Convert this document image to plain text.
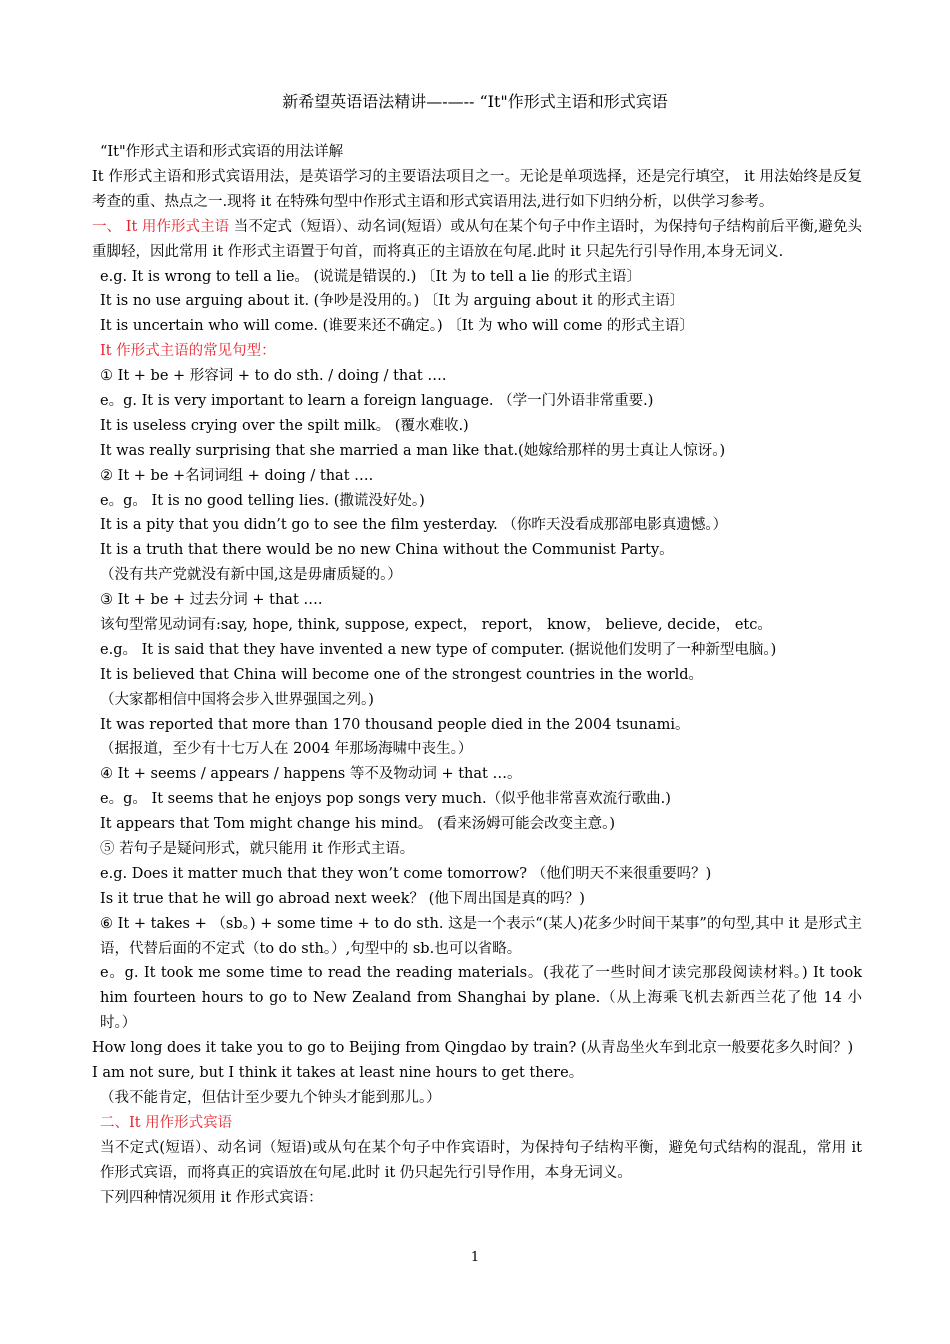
新希望英语语法精讲—-—-- “It"作形式主语和形式宾语
“It"作形式主语和形式宾语的用法详解
It 作形式主语和形式宾语用法，是英语学习的主要语法项目之一。无论是单项选择，还是完行填空， it 用法始终是反复考查的重、热点之一.现将 it 在特殊句型中作形式主语和形式宾语用法,进行如下归纳分析，以供学习参考。
一、 It 用作形式主语 当不定式（短语）、动名词(短语）或从句在某个句子中作主语时，为保持句子结构前后平衡,避免头重脚轻，因此常用 it 作形式主语置于句首，而将真正的主语放在句尾.此时 it 只起先行引导作用,本身无词义.
e.g. It is wrong to tell a lie。 (说谎是错误的.) 〔It 为 to tell a lie 的形式主语〕
It is no use arguing about it. (争吵是没用的。) 〔It 为 arguing about it 的形式主语〕
It is uncertain who will come. (谁要来还不确定。) 〔It 为 who will come 的形式主语〕
It 作形式主语的常见句型：
① It + be + 形容词 + to do sth. / doing / that ….
e。g. It is very important to learn a foreign language. （学一门外语非常重要.)
It is useless crying over the spilt milk。 (覆水难收.)
It was really surprising that she married a man like that.(她嫁给那样的男士真让人惊讶。)
② It + be +名词词组 + doing / that ….
e。g。 It is no good telling lies. (撒谎没好处。)
It is a pity that you didn’t go to see the film yesterday. （你昨天没看成那部电影真遗憾。）
It is a truth that there would be no new China without the Communist Party。
（没有共产党就没有新中国,这是毋庸质疑的。）
③ It + be + 过去分词 + that ….
该句型常见动词有:say, hope, think, suppose, expect， report， know， believe, decide， etc。
e.g。 It is said that they have invented a new type of computer. (据说他们发明了一种新型电脑。)
It is believed that China will become one of the strongest countries in the world。
（大家都相信中国将会步入世界强国之列。)
It was reported that more than 170 thousand people died in the 2004 tsunami。
（据报道，至少有十七万人在 2004 年那场海啸中丧生。）
④ It + seems / appears / happens 等不及物动词 + that …。
e。g。 It seems that he enjoys pop songs very much.（似乎他非常喜欢流行歌曲.)
It appears that Tom might change his mind。 (看来汤姆可能会改变主意。)
⑤ 若句子是疑问形式，就只能用 it 作形式主语。
e.g. Does it matter much that they won’t come tomorrow? （他们明天不来很重要吗？)
Is it true that he will go abroad next week？ (他下周出国是真的吗？)
⑥ It + takes + （sb。) + some time + to do sth. 这是一个表示“(某人)花多少时间干某事”的句型,其中 it 是形式主语，代替后面的不定式（to do sth。）,句型中的 sb.也可以省略。
e。g. It took me some time to read the reading materials。(我花了一些时间才读完那段阅读材料。) It took him fourteen hours to go to New Zealand from Shanghai by plane.（从上海乘飞机去新西兰花了他 14 小时。）
How long does it take you to go to Beijing from Qingdao by train? (从青岛坐火车到北京一般要花多久时间？)
I am not sure, but I think it takes at least nine hours to get there。
（我不能肯定，但估计至少要九个钟头才能到那儿。）
二、It 用作形式宾语
当不定式(短语）、动名词（短语)或从句在某个句子中作宾语时，为保持句子结构平衡，避免句式结构的混乱，常用 it 作形式宾语，而将真正的宾语放在句尾.此时 it 仍只起先行引导作用，本身无词义。
下列四种情况须用 it 作形式宾语：
1
